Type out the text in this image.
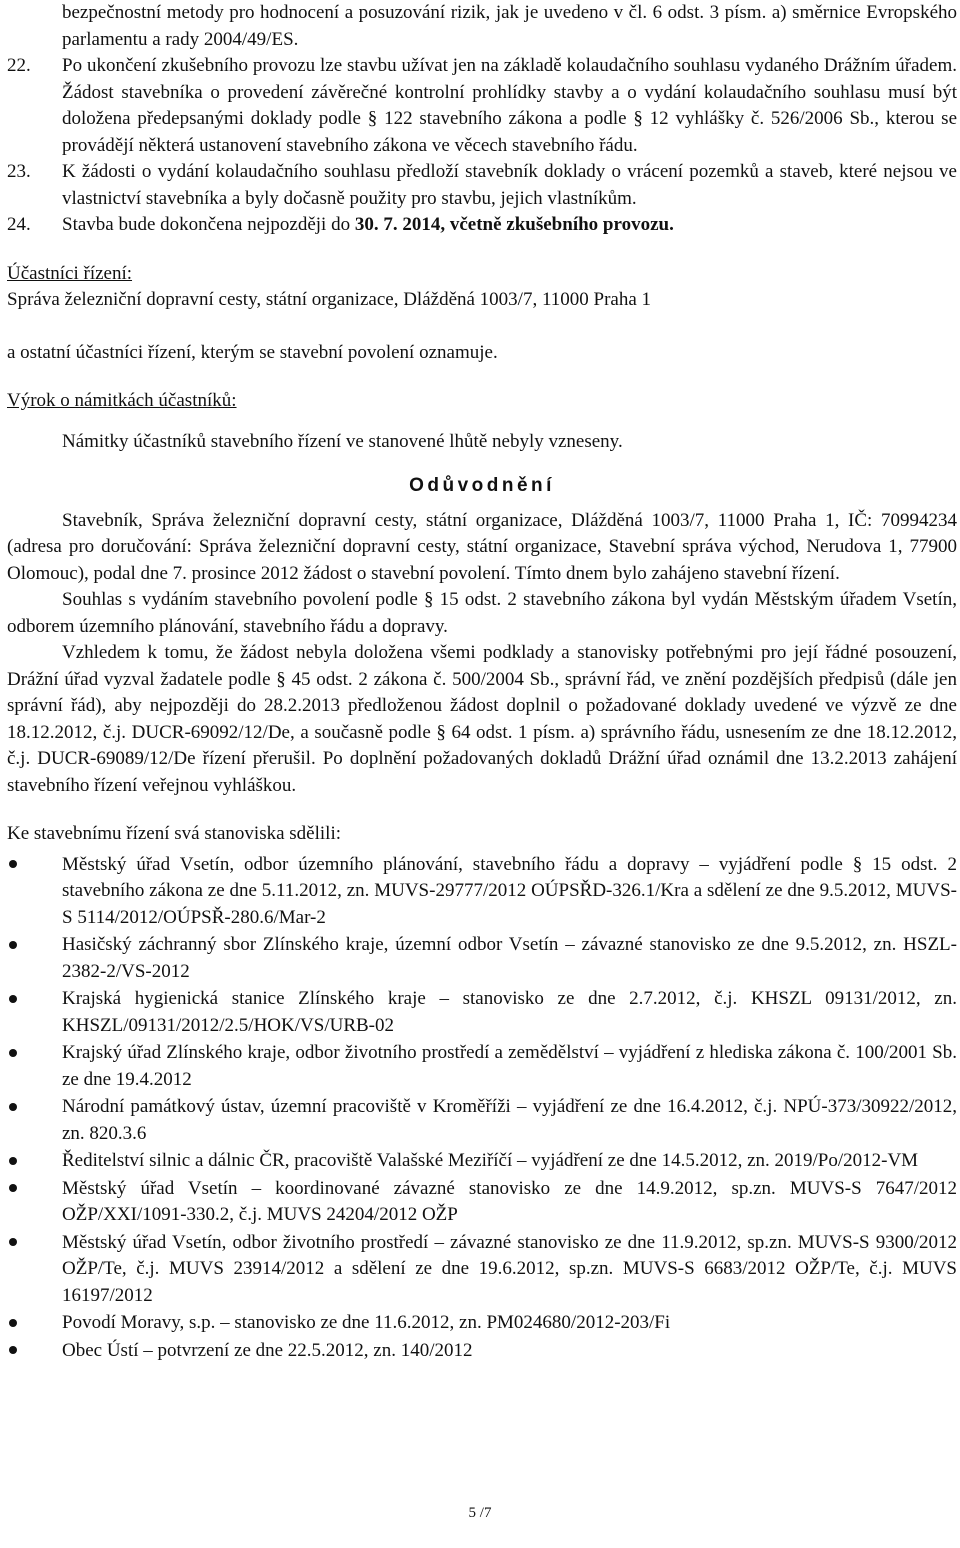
bezpečnostní metody pro hodnocení a posuzování rizik, jak je uvedeno v čl. 6 odst. 3 písm. a) směrnice Evropského parlamentu a rady 2004/49/ES.
22.	Po ukončení zkušebního provozu lze stavbu užívat jen na základě kolaudačního souhlasu vydaného Drážním úřadem. Žádost stavebníka o provedení závěrečné kontrolní prohlídky stavby a o vydání kolaudačního souhlasu musí být doložena předepsanými doklady podle § 122 stavebního zákona a podle § 12 vyhlášky č. 526/2006 Sb., kterou se provádějí některá ustanovení stavebního zákona ve věcech stavebního řádu.
23.	K žádosti o vydání kolaudačního souhlasu předloží stavebník doklady o vrácení pozemků a staveb, které nejsou ve vlastnictví stavebníka a byly dočasně použity pro stavbu, jejich vlastníkům.
24.	Stavba bude dokončena nejpozději do 30. 7. 2014, včetně zkušebního provozu.

Účastníci řízení:

Správa železniční dopravní cesty, státní organizace, Dlážděná 1003/7, 11000 Praha 1

a ostatní účastníci řízení, kterým se stavební povolení oznamuje.

Výrok o námitkách účastníků:

Námitky účastníků stavebního řízení ve stanovené lhůtě nebyly vzneseny.

Odůvodnění

Stavebník, Správa železniční dopravní cesty, státní organizace, Dlážděná 1003/7, 11000 Praha 1, IČ: 70994234 (adresa pro doručování: Správa železniční dopravní cesty, státní organizace, Stavební správa východ, Nerudova 1, 77900 Olomouc), podal dne 7. prosince 2012 žádost o stavební povolení. Tímto dnem bylo zahájeno stavební řízení.

Souhlas s vydáním stavebního povolení podle § 15 odst. 2 stavebního zákona byl vydán Městským úřadem Vsetín, odborem územního plánování, stavebního řádu a dopravy.

Vzhledem k tomu, že žádost nebyla doložena všemi podklady a stanovisky potřebnými pro její řádné posouzení, Drážní úřad vyzval žadatele podle § 45 odst. 2 zákona č. 500/2004 Sb., správní řád, ve znění pozdějších předpisů (dále jen správní řád), aby nejpozději do 28.2.2013 předloženou žádost doplnil o požadované doklady uvedené ve výzvě ze dne 18.12.2012, č.j. DUCR-69092/12/De, a současně podle § 64 odst. 1 písm. a) správního řádu, usnesením ze dne 18.12.2012, č.j. DUCR-69089/12/De řízení přerušil. Po doplnění požadovaných dokladů Drážní úřad oznámil dne 13.2.2013 zahájení stavebního řízení veřejnou vyhláškou.

Ke stavebnímu řízení svá stanoviska sdělili:

Městský úřad Vsetín, odbor územního plánování, stavebního řádu a dopravy – vyjádření podle § 15 odst. 2 stavebního zákona ze dne 5.11.2012, zn. MUVS-29777/2012 OÚPSŘD-326.1/Kra a sdělení ze dne 9.5.2012, MUVS-S 5114/2012/OÚPSŘ-280.6/Mar-2
Hasičský záchranný sbor Zlínského kraje, územní odbor Vsetín – závazné stanovisko ze dne 9.5.2012, zn. HSZL-2382-2/VS-2012
Krajská hygienická stanice Zlínského kraje – stanovisko ze dne 2.7.2012, č.j. KHSZL 09131/2012, zn. KHSZL/09131/2012/2.5/HOK/VS/URB-02
Krajský úřad Zlínského kraje, odbor životního prostředí a zemědělství – vyjádření z hlediska zákona č. 100/2001 Sb. ze dne 19.4.2012
Národní památkový ústav, územní pracoviště v Kroměříži – vyjádření ze dne 16.4.2012, č.j. NPÚ-373/30922/2012, zn. 820.3.6
Ředitelství silnic a dálnic ČR, pracoviště Valašské Meziříčí – vyjádření ze dne 14.5.2012, zn. 2019/Po/2012-VM
Městský úřad Vsetín – koordinované závazné stanovisko ze dne 14.9.2012, sp.zn. MUVS-S 7647/2012 OŽP/XXI/1091-330.2, č.j. MUVS 24204/2012 OŽP
Městský úřad Vsetín, odbor životního prostředí – závazné stanovisko ze dne 11.9.2012, sp.zn. MUVS-S 9300/2012 OŽP/Te, č.j. MUVS 23914/2012 a sdělení ze dne 19.6.2012, sp.zn. MUVS-S 6683/2012 OŽP/Te, č.j. MUVS 16197/2012
Povodí Moravy, s.p. – stanovisko ze dne 11.6.2012, zn. PM024680/2012-203/Fi
Obec Ústí – potvrzení ze dne 22.5.2012, zn. 140/2012
5 /7
